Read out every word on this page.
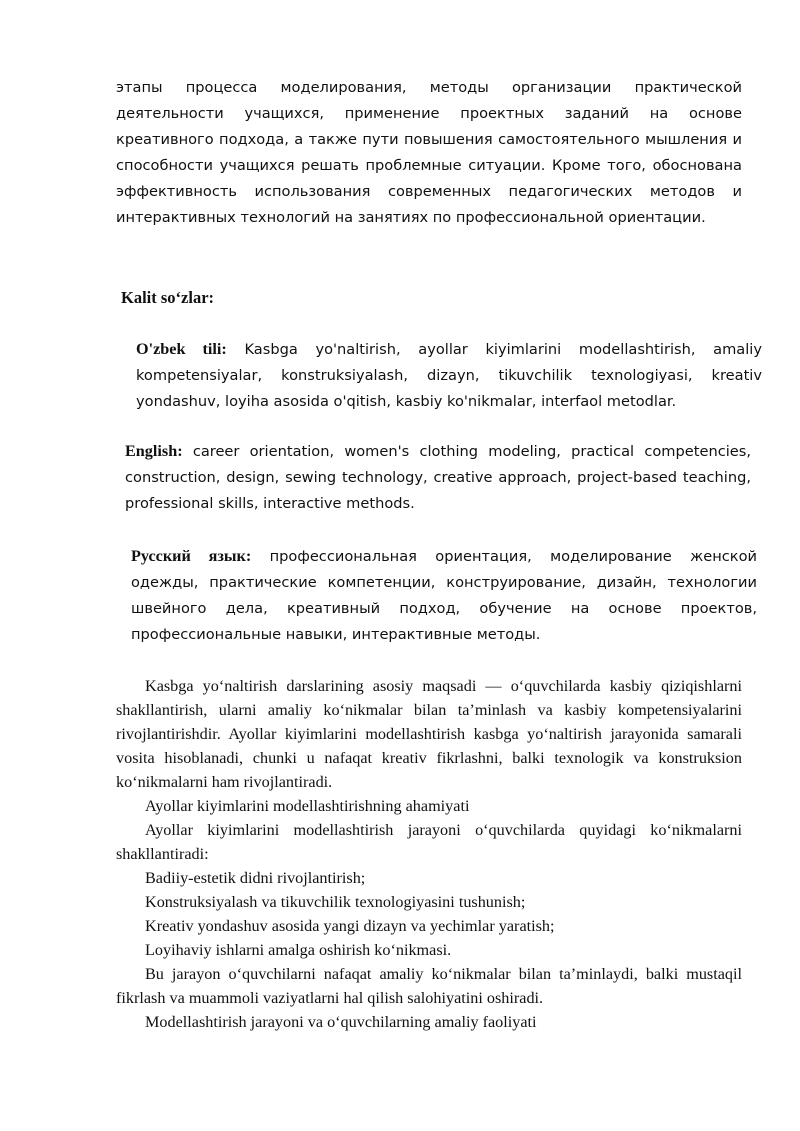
этапы процесса моделирования, методы организации практической деятельности учащихся, применение проектных заданий на основе креативного подхода, а также пути повышения самостоятельного мышления и способности учащихся решать проблемные ситуации. Кроме того, обоснована эффективность использования современных педагогических методов и интерактивных технологий на занятиях по профессиональной ориентации.

Kalit so‘zlar:

O'zbek tili: Kasbga yo'naltirish, ayollar kiyimlarini modellashtirish, amaliy kompetensiyalar, konstruksiyalash, dizayn, tikuvchilik texnologiyasi, kreativ yondashuv, loyiha asosida o'qitish, kasbiy ko'nikmalar, interfaol metodlar.

English: career orientation, women's clothing modeling, practical competencies, construction, design, sewing technology, creative approach, project-based teaching, professional skills, interactive methods.

Русский язык: профессиональная ориентация, моделирование женской одежды, практические компетенции, конструирование, дизайн, технологии швейного дела, креативный подход, обучение на основе проектов, профессиональные навыки, интерактивные методы.

Kasbga yo‘naltirish darslarining asosiy maqsadi — o‘quvchilarda kasbiy qiziqishlarni shakllantirish, ularni amaliy ko‘nikmalar bilan ta’minlash va kasbiy kompetensiyalarini rivojlantirishdir. Ayollar kiyimlarini modellashtirish kasbga yo‘naltirish jarayonida samarali vosita hisoblanadi, chunki u nafaqat kreativ fikrlashni, balki texnologik va konstruksion ko‘nikmalarni ham rivojlantiradi.

Ayollar kiyimlarini modellashtirishning ahamiyati

Ayollar kiyimlarini modellashtirish jarayoni o‘quvchilarda quyidagi ko‘nikmalarni shakllantiradi:

Badiiy-estetik didni rivojlantirish;

Konstruksiyalash va tikuvchilik texnologiyasini tushunish;

Kreativ yondashuv asosida yangi dizayn va yechimlar yaratish;

Loyihaviy ishlarni amalga oshirish ko‘nikmasi.

Bu jarayon o‘quvchilarni nafaqat amaliy ko‘nikmalar bilan ta’minlaydi, balki mustaqil fikrlash va muammoli vaziyatlarni hal qilish salohiyatini oshiradi.

Modellashtirish jarayoni va o‘quvchilarning amaliy faoliyati
